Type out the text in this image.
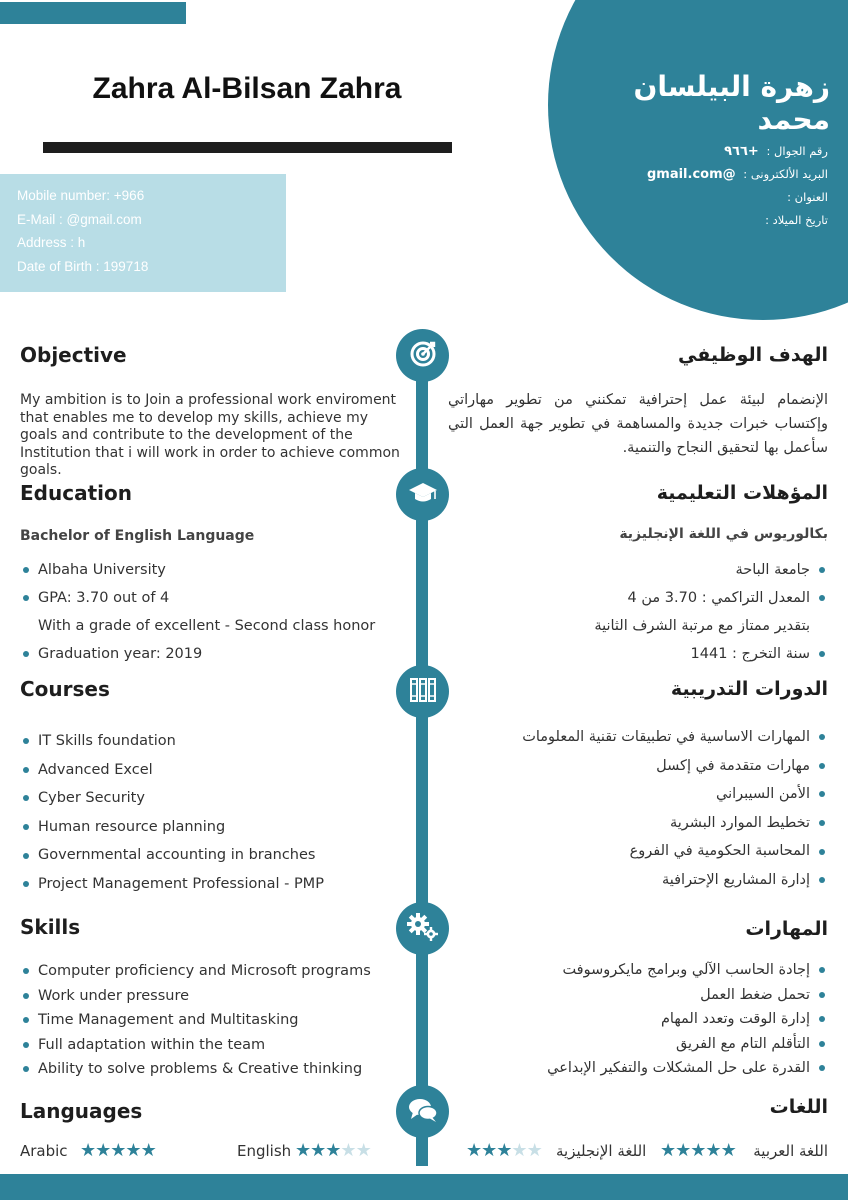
Zahra Al-Bilsan Zahra
Mobile number: +966
E-Mail : @gmail.com
Address : h
Date of Birth : 199718
زهرة البيلسان محمد
رقم الجوال : +٩٦٦
البريد الألكترونى : @gmail.com
العنوان :
تاريخ الميلاد :
Objective	الهدف الوظيفي
My ambition is to Join a professional work enviroment that enables me to develop my skills, achieve my goals and contribute to the development of the Institution that i will work in order to achieve common goals.
الإنضمام لبيئة عمل إحترافية تمكنني من تطوير مهاراتي وإكتساب خبرات جديدة والمساهمة في تطوير جهة العمل التي سأعمل بها لتحقيق النجاح والتنمية.
Education	المؤهلات التعليمية
Bachelor of English Language	بكالوريوس في اللغة الإنجليزية
Albaha University
GPA: 3.70 out of 4
With a grade of excellent - Second class honor
Graduation year: 2019
جامعة الباحة
المعدل التراكمي : 3.70 من 4
بتقدير ممتاز مع مرتبة الشرف الثانية
سنة التخرج : 1441
Courses	الدورات التدريبية
IT Skills foundation
Advanced Excel
Cyber Security
Human resource planning
Governmental accounting in branches
Project Management Professional - PMP
المهارات الاساسية في تطبيقات تقنية المعلومات
مهارات متقدمة في إكسل
الأمن السيبراني
تخطيط الموارد البشرية
المحاسبة الحكومية في الفروع
إدارة المشاريع الإحترافية
Skills	المهارات
Computer proficiency and Microsoft programs
Work under pressure
Time Management and Multitasking
Full adaptation within the team
Ability to solve problems & Creative thinking
إجادة الحاسب الآلي وبرامج مايكروسوفت
تحمل ضغط العمل
إدارة الوقت وتعدد المهام
التأقلم التام مع الفريق
القدرة على حل المشكلات والتفكير الإبداعي
Languages	اللغات
Arabic ★★★★★	English ★★★★★	★★★★★ اللغة الإنجليزية ★★★★★ اللغة العربية
